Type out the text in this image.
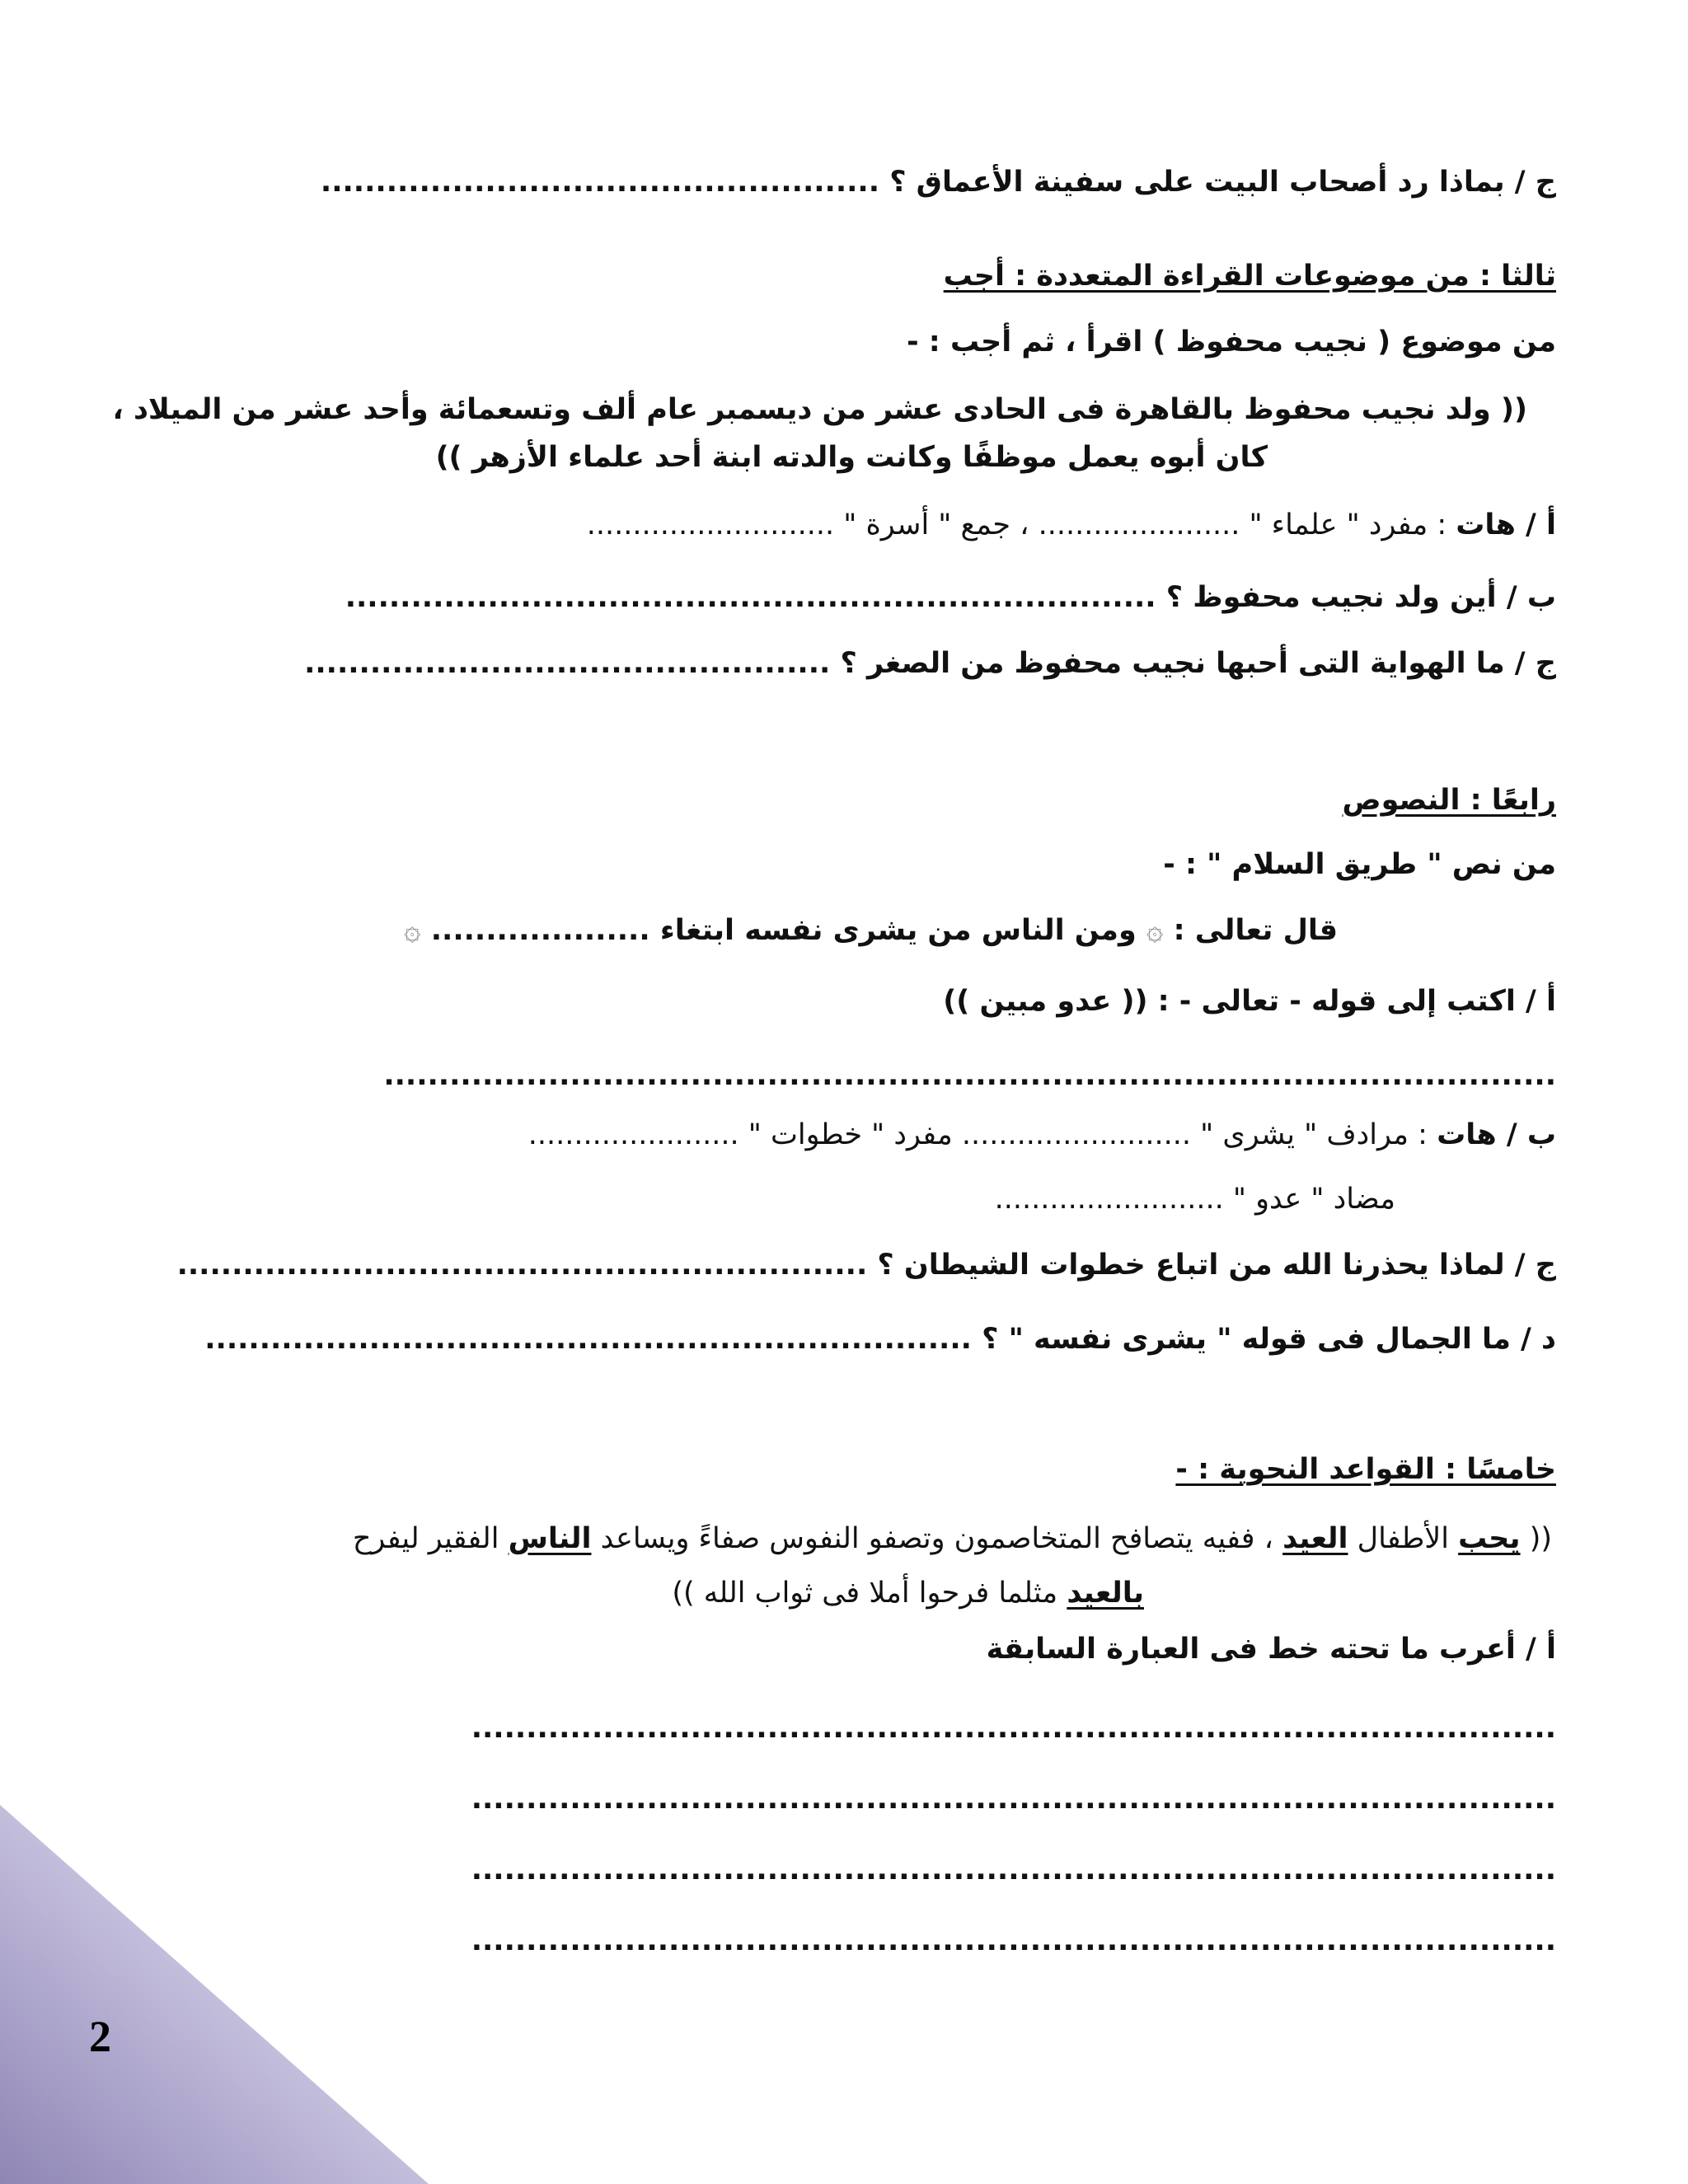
2
ج / بماذا رد أصحاب البيت على سفينة الأعماق ؟ ...................................................
ثالثا : من موضوعات القراءة المتعددة : أجب
من موضوع ( نجيب محفوظ ) اقرأ ، ثم أجب : -
(( ولد نجيب محفوظ بالقاهرة فى الحادى عشر من ديسمبر عام ألف وتسعمائة وأحد عشر من الميلاد ،
كان أبوه يعمل موظفًا وكانت والدته ابنة أحد علماء الأزهر ))
أ / هات : مفرد " علماء " ...................... ، جمع " أسرة " ...........................
ب / أين ولد نجيب محفوظ ؟ ..........................................................................
ج / ما الهواية التى أحبها نجيب محفوظ من الصغر ؟ ................................................
رابعًا : النصوص
من نص " طريق السلام " : -
قال تعالى : ۞ ومن الناس من يشرى نفسه ابتغاء .................... ۞
أ / اكتب إلى قوله - تعالى - : (( عدو مبين ))
...........................................................................................................
ب / هات : مرادف " يشرى " ......................... مفرد " خطوات " .......................
مضاد " عدو " .........................
ج / لماذا يحذرنا الله من اتباع خطوات الشيطان ؟ ...............................................................
د / ما الجمال فى قوله " يشرى نفسه " ؟ ......................................................................
خامسًا : القواعد النحوية : -
(( يحب الأطفال العيد ، ففيه يتصافح المتخاصمون وتصفو النفوس صفاءً ويساعد الناس الفقير ليفرح
بالعيد مثلما فرحوا أملا فى ثواب الله ))
أ / أعرب ما تحته خط فى العبارة السابقة
...................................................................................................
...................................................................................................
...................................................................................................
...................................................................................................
